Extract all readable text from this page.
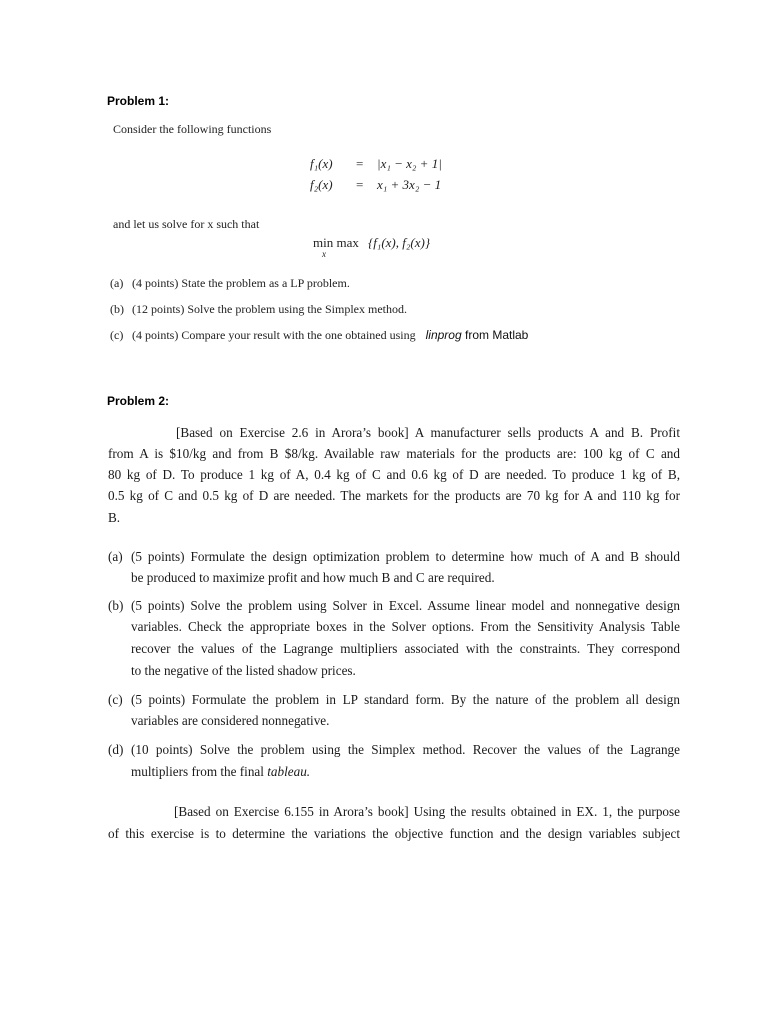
Problem 1:
Consider the following functions
f₁(x) = |x₁ − x₂ + 1|
f₂(x) = x₁ + 3x₂ − 1
and let us solve for x such that
min max
x
{f₁(x), f₂(x)}
(a) (4 points) State the problem as a LP problem.
(b) (12 points) Solve the problem using the Simplex method.
(c) (4 points) Compare your result with the one obtained using linprog from Matlab
Problem 2:
[Based on Exercise 2.6 in Arora’s book] A manufacturer sells products A and B. Profit
from A is $10/kg and from B $8/kg. Available raw materials for the products are: 100 kg of C and
80 kg of D. To produce 1 kg of A, 0.4 kg of C and 0.6 kg of D are needed. To produce 1 kg of B,
0.5 kg of C and 0.5 kg of D are needed. The markets for the products are 70 kg for A and 110 kg for
B.
(a) (5 points) Formulate the design optimization problem to determine how much of A and B should
be produced to maximize profit and how much B and C are required.
(b) (5 points) Solve the problem using Solver in Excel. Assume linear model and nonnegative design
variables. Check the appropriate boxes in the Solver options. From the Sensitivity Analysis Table
recover the values of the Lagrange multipliers associated with the constraints. They correspond
to the negative of the listed shadow prices.
(c) (5 points) Formulate the problem in LP standard form. By the nature of the problem all design
variables are considered nonnegative.
(d) (10 points) Solve the problem using the Simplex method. Recover the values of the Lagrange
multipliers from the final tableau.
[Based on Exercise 6.155 in Arora’s book] Using the results obtained in EX. 1, the purpose
of this exercise is to determine the variations the objective function and the design variables subject
